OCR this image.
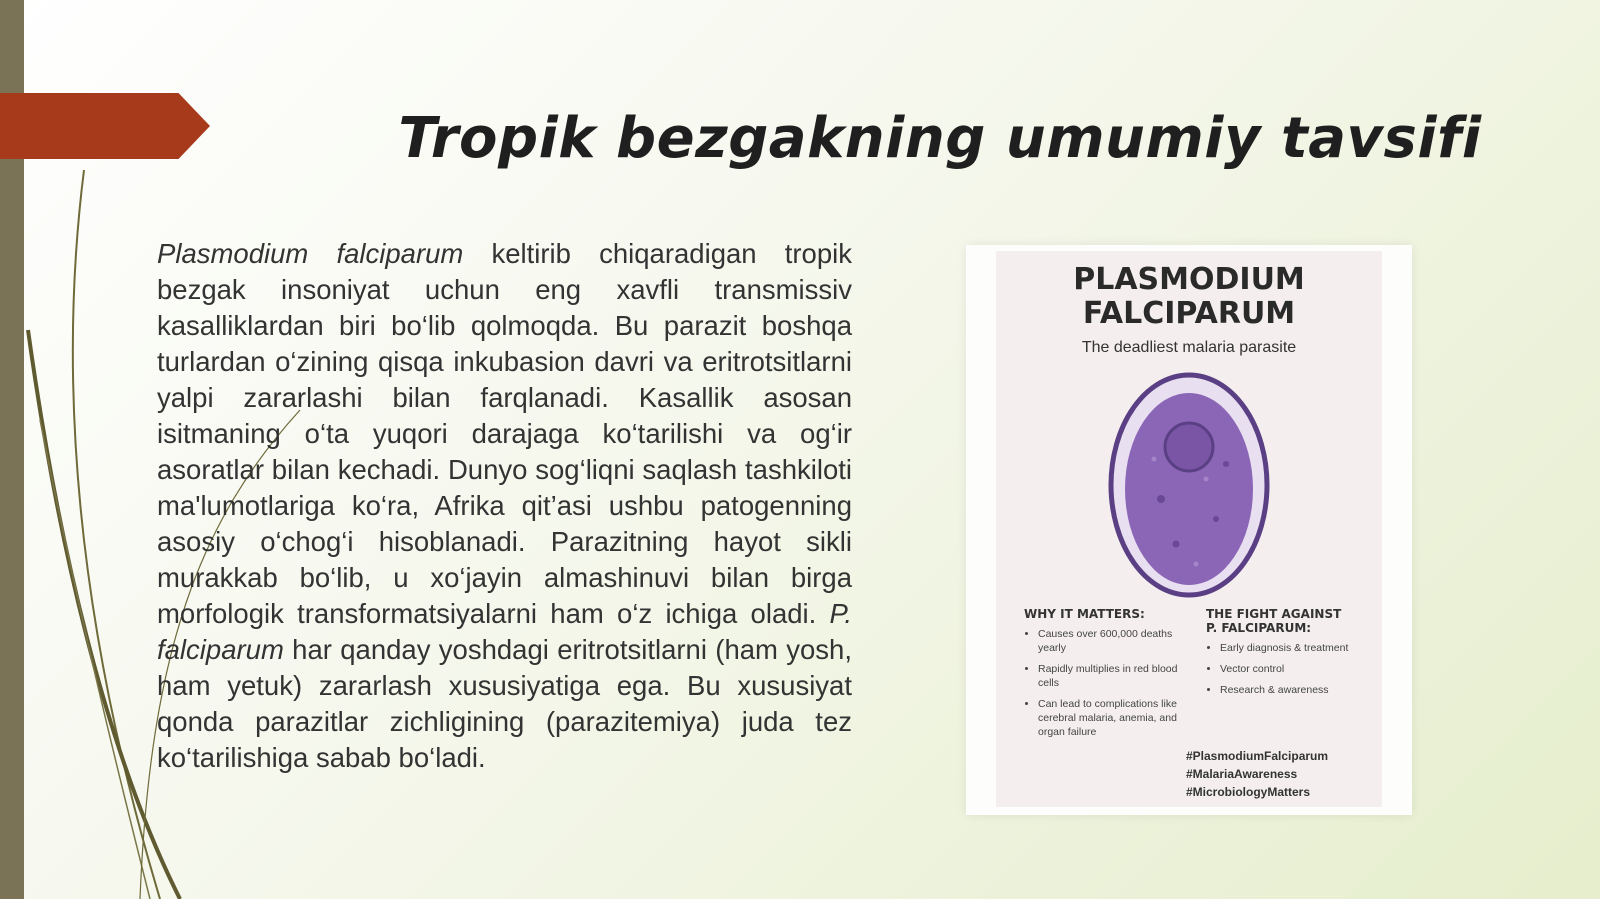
Tropik bezgakning umumiy tavsifi

Plasmodium falciparum keltirib chiqaradigan tropik bezgak insoniyat uchun eng xavfli transmissiv kasalliklardan biri bo‘lib qolmoqda. Bu parazit boshqa turlardan o‘zining qisqa inkubasion davri va eritrotsitlarni yalpi zararlashi bilan farqlanadi. Kasallik asosan isitmaning o‘ta yuqori darajaga ko‘tarilishi va og‘ir asoratlar bilan kechadi. Dunyo sog‘liqni saqlash tashkiloti ma'lumotlariga ko‘ra, Afrika qit’asi ushbu patogenning asosiy o‘chog‘i hisoblanadi. Parazitning hayot sikli murakkab bo‘lib, u xo‘jayin almashinuvi bilan birga morfologik transformatsiyalarni ham o‘z ichiga oladi. P. falciparum har qanday yoshdagi eritrotsitlarni (ham yosh, ham yetuk) zararlash xususiyatiga ega. Bu xususiyat qonda parazitlar zichligining (parazitemiya) juda tez ko‘tarilishiga sabab bo‘ladi.

PLASMODIUM
FALCIPARUM
The deadliest malaria parasite
WHY IT MATTERS:
• Causes over 600,000 deaths yearly
• Rapidly multiplies in red blood cells
• Can lead to complications like cerebral malaria, anemia, and organ failure
THE FIGHT AGAINST
P. FALCIPARUM:
• Early diagnosis & treatment
• Vector control
• Research & awareness
#PlasmodiumFalciparum
#MalariaAwareness
#MicrobiologyMatters
